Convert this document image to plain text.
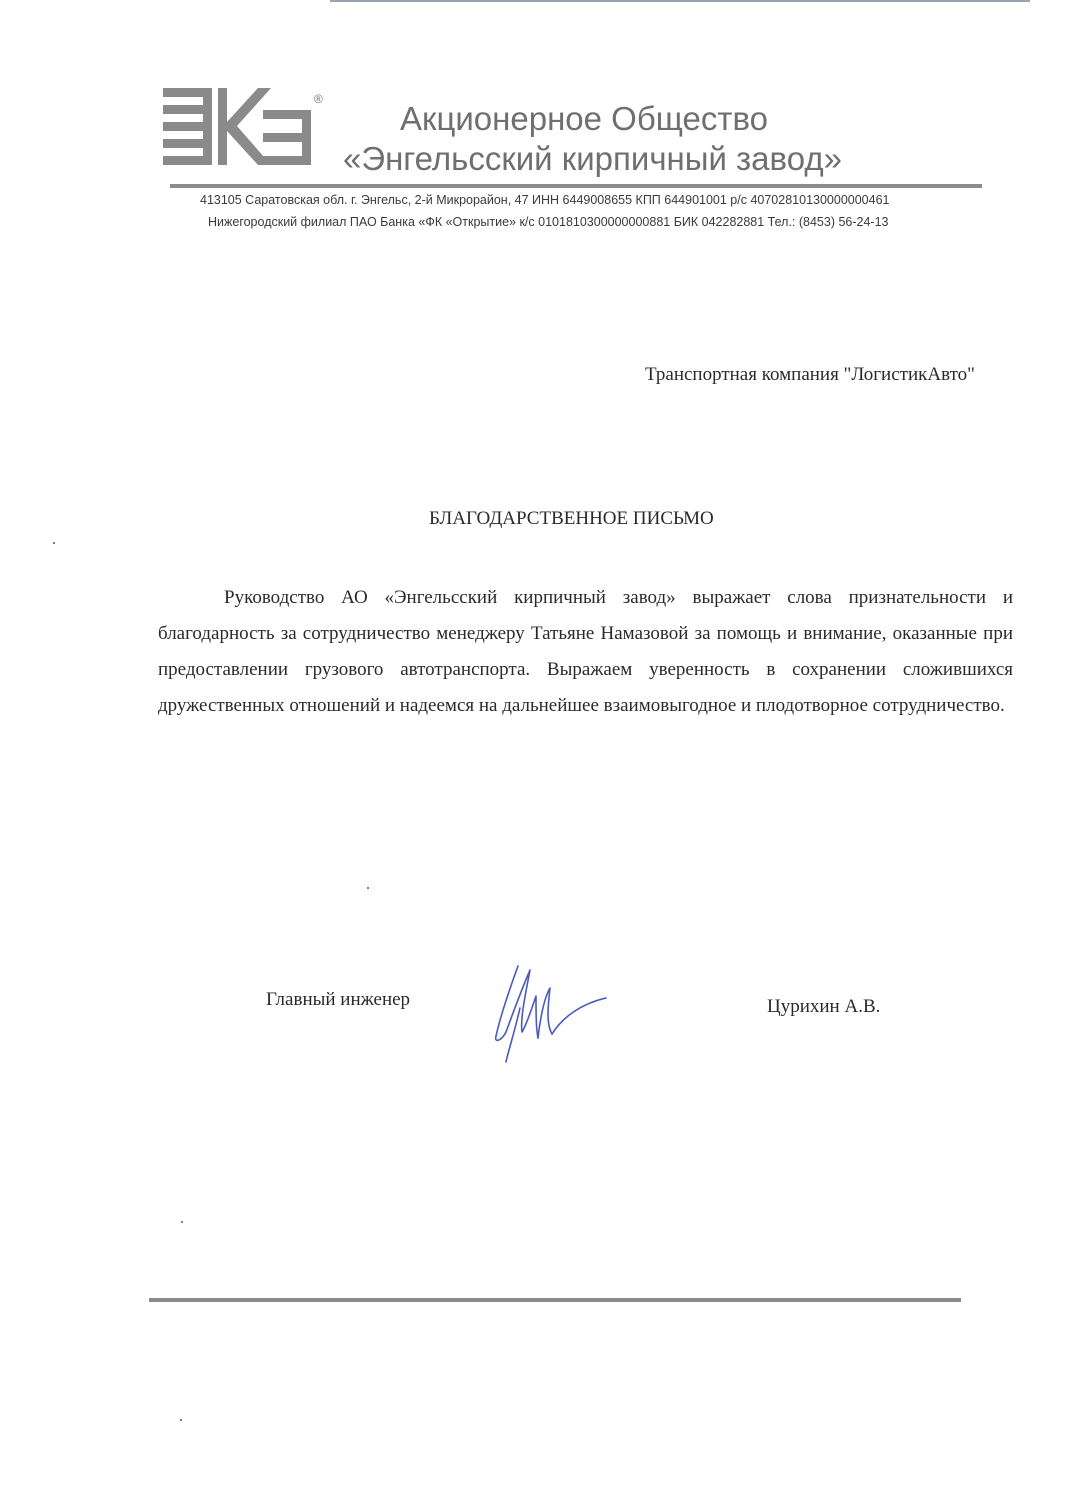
®
Акционерное Общество
«Энгельсский кирпичный завод»
413105 Саратовская обл. г. Энгельс, 2-й Микрорайон, 47 ИНН 6449008655 КПП 644901001 р/с 40702810130000000461
Нижегородский филиал ПАО Банка «ФК «Открытие» к/с 0101810300000000881 БИК 042282881 Тел.: (8453) 56-24-13
Транспортная компания "ЛогистикАвто"
БЛАГОДАРСТВЕННОЕ ПИСЬМО

Руководство АО «Энгельсский кирпичный завод» выражает слова признательности и благодарность за сотрудничество менеджеру Татьяне Намазовой за помощь и внимание, оказанные при предоставлении грузового автотранспорта. Выражаем уверенность в сохранении сложившихся дружественных отношений и надеемся на дальнейшее взаимовыгодное и плодотворное сотрудничество.

Главный инженер	Цурихин А.В.
